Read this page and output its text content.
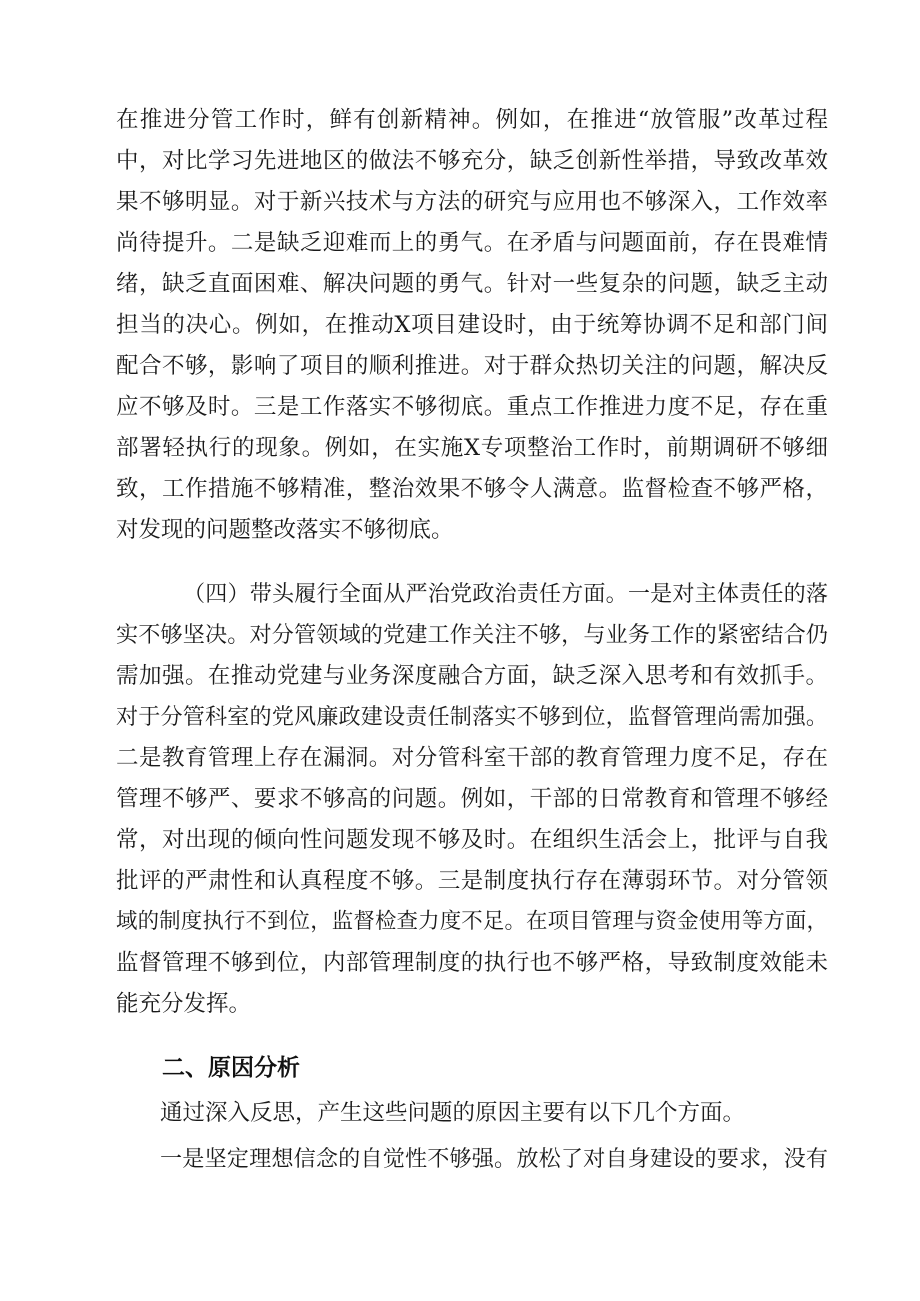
在推进分管工作时，鲜有创新精神。例如，在推进“放管服”改革过程
中，对比学习先进地区的做法不够充分，缺乏创新性举措，导致改革效
果不够明显。对于新兴技术与方法的研究与应用也不够深入，工作效率
尚待提升。二是缺乏迎难而上的勇气。在矛盾与问题面前，存在畏难情
绪，缺乏直面困难、解决问题的勇气。针对一些复杂的问题，缺乏主动
担当的决心。例如，在推动X项目建设时，由于统筹协调不足和部门间
配合不够，影响了项目的顺利推进。对于群众热切关注的问题，解决反
应不够及时。三是工作落实不够彻底。重点工作推进力度不足，存在重
部署轻执行的现象。例如，在实施X专项整治工作时，前期调研不够细
致，工作措施不够精准，整治效果不够令人满意。监督检查不够严格，
对发现的问题整改落实不够彻底。
（四）带头履行全面从严治党政治责任方面。一是对主体责任的落
实不够坚决。对分管领域的党建工作关注不够，与业务工作的紧密结合仍
需加强。在推动党建与业务深度融合方面，缺乏深入思考和有效抓手。
对于分管科室的党风廉政建设责任制落实不够到位，监督管理尚需加强。
二是教育管理上存在漏洞。对分管科室干部的教育管理力度不足，存在
管理不够严、要求不够高的问题。例如，干部的日常教育和管理不够经
常，对出现的倾向性问题发现不够及时。在组织生活会上，批评与自我
批评的严肃性和认真程度不够。三是制度执行存在薄弱环节。对分管领
域的制度执行不到位，监督检查力度不足。在项目管理与资金使用等方面，
监督管理不够到位，内部管理制度的执行也不够严格，导致制度效能未
能充分发挥。
二、原因分析
通过深入反思，产生这些问题的原因主要有以下几个方面。
一是坚定理想信念的自觉性不够强。放松了对自身建设的要求，没有
